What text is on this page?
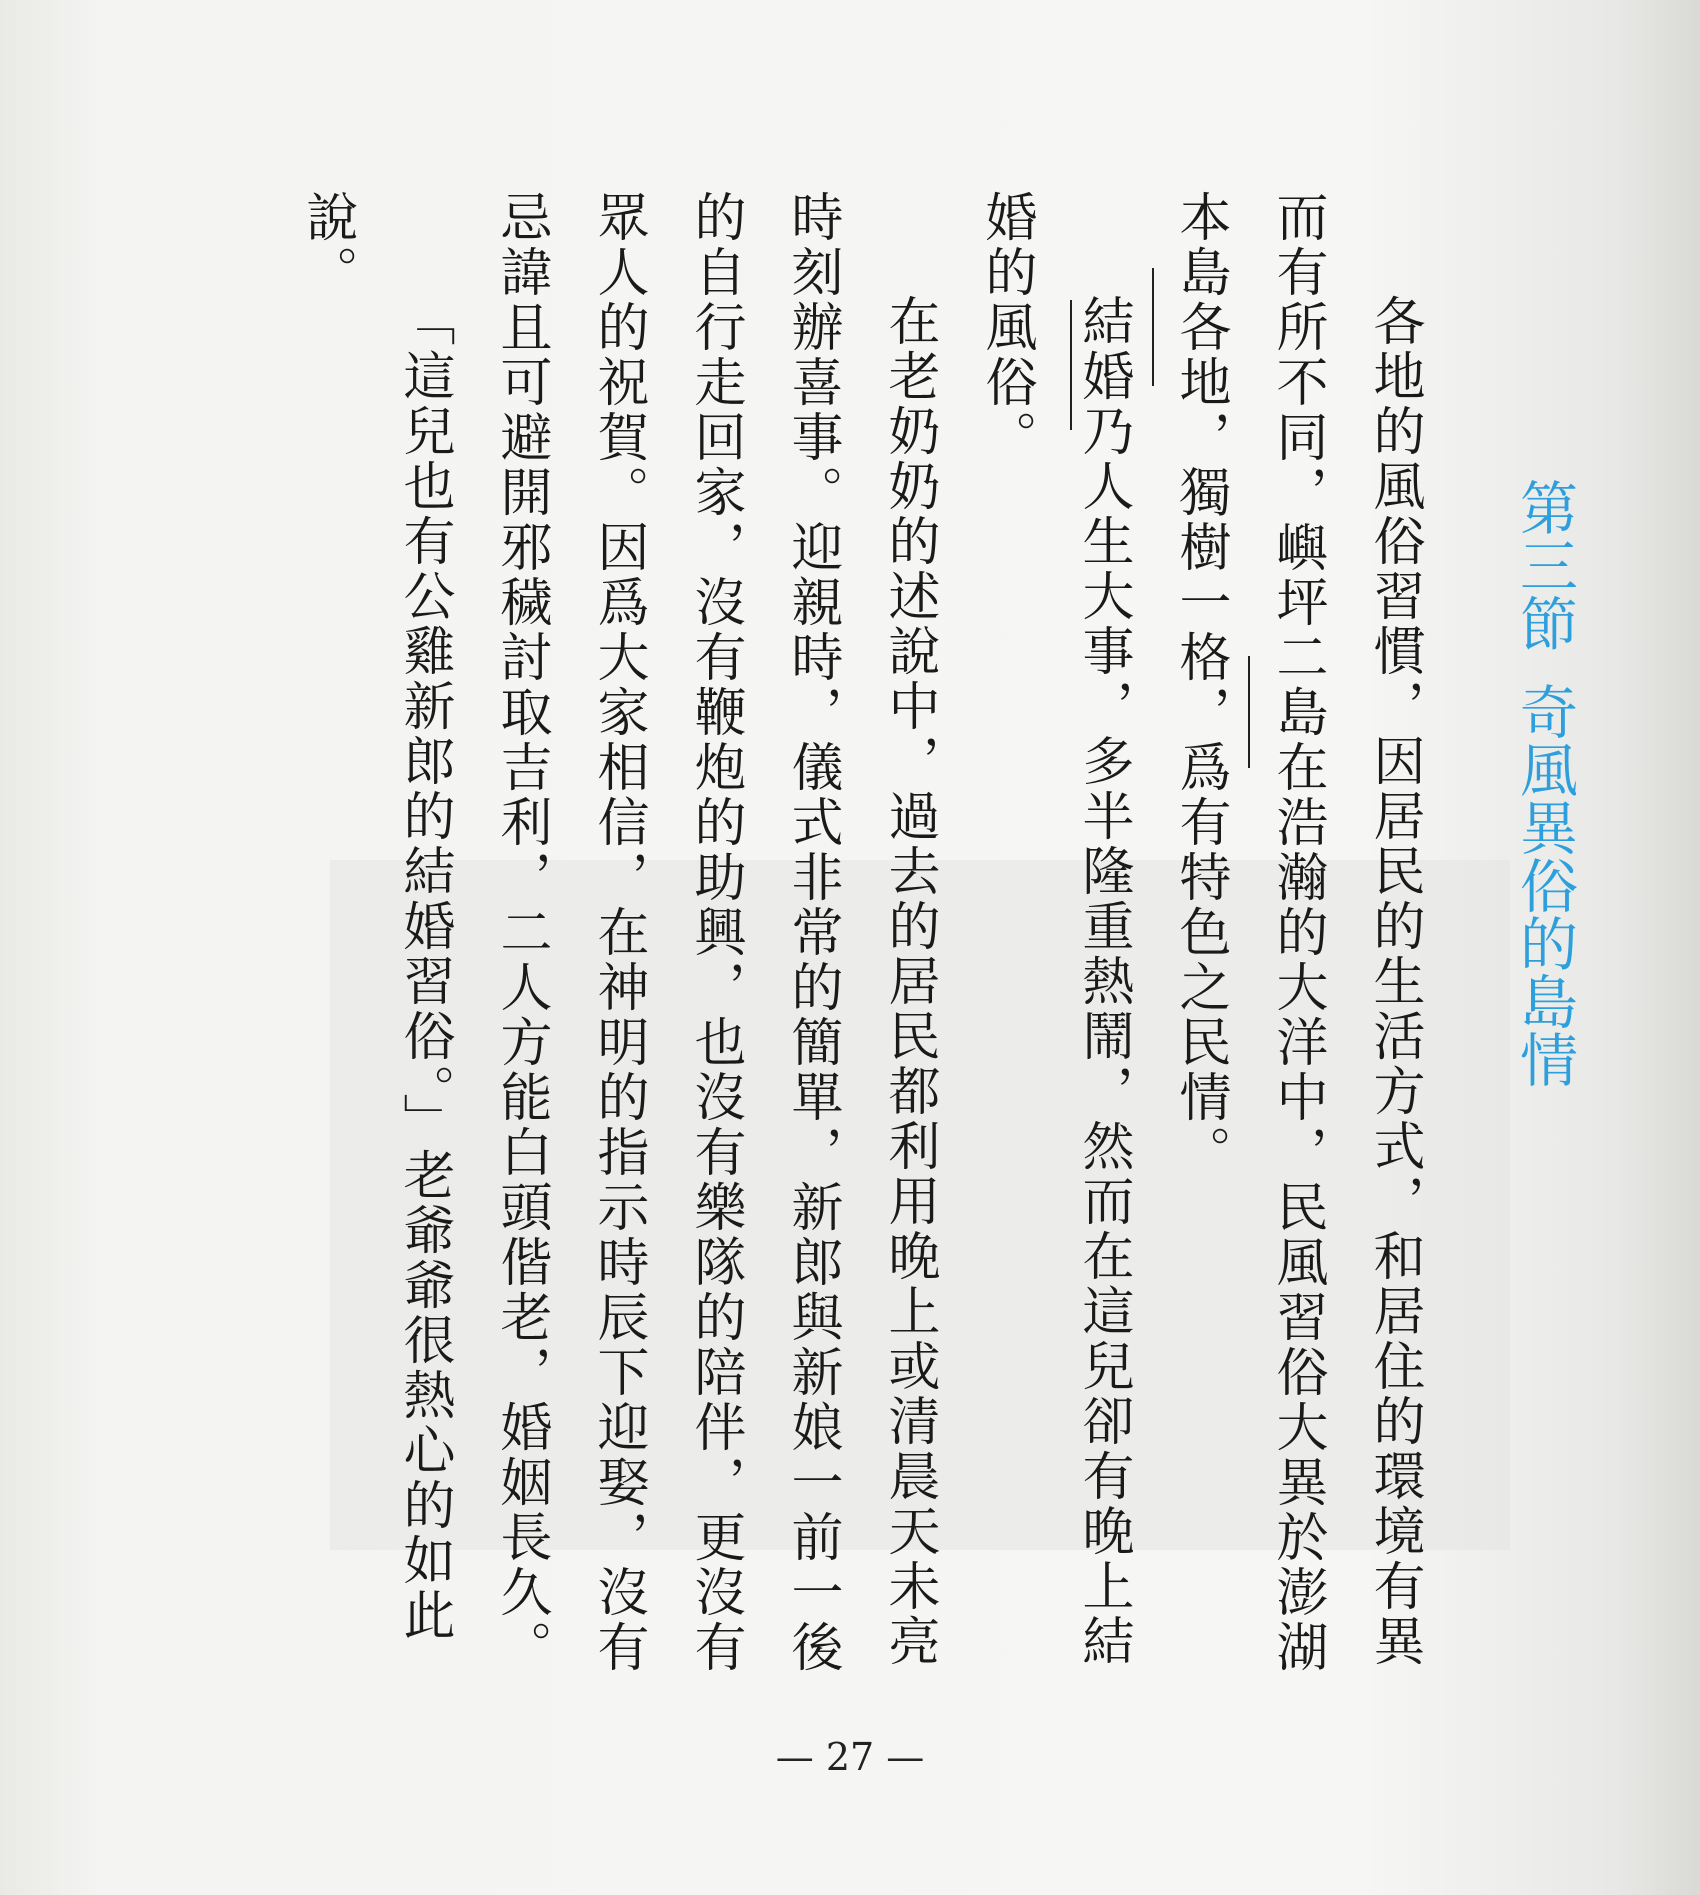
第三節奇風異俗的島情

各地的風俗習慣，因居民的生活方式，和居住的環境有異而有所不同，嶼坪二島在浩瀚的大洋中，民風習俗大異於澎湖本島各地，獨樹一格，爲有特色之民情。

結婚乃人生大事，多半隆重熱鬧，然而在這兒卻有晚上結婚的風俗。

在老奶奶的述說中，過去的居民都利用晚上或清晨天未亮時刻辦喜事。迎親時，儀式非常的簡單，新郎與新娘一前一後的自行走回家，沒有鞭炮的助興，也沒有樂隊的陪伴，更沒有眾人的祝賀。因爲大家相信，在神明的指示時辰下迎娶，沒有忌諱且可避開邪穢討取吉利，二人方能白頭偕老，婚姻長久。

「這兒也有公雞新郎的結婚習俗。」老爺爺很熱心的如此說。

— 27 —
